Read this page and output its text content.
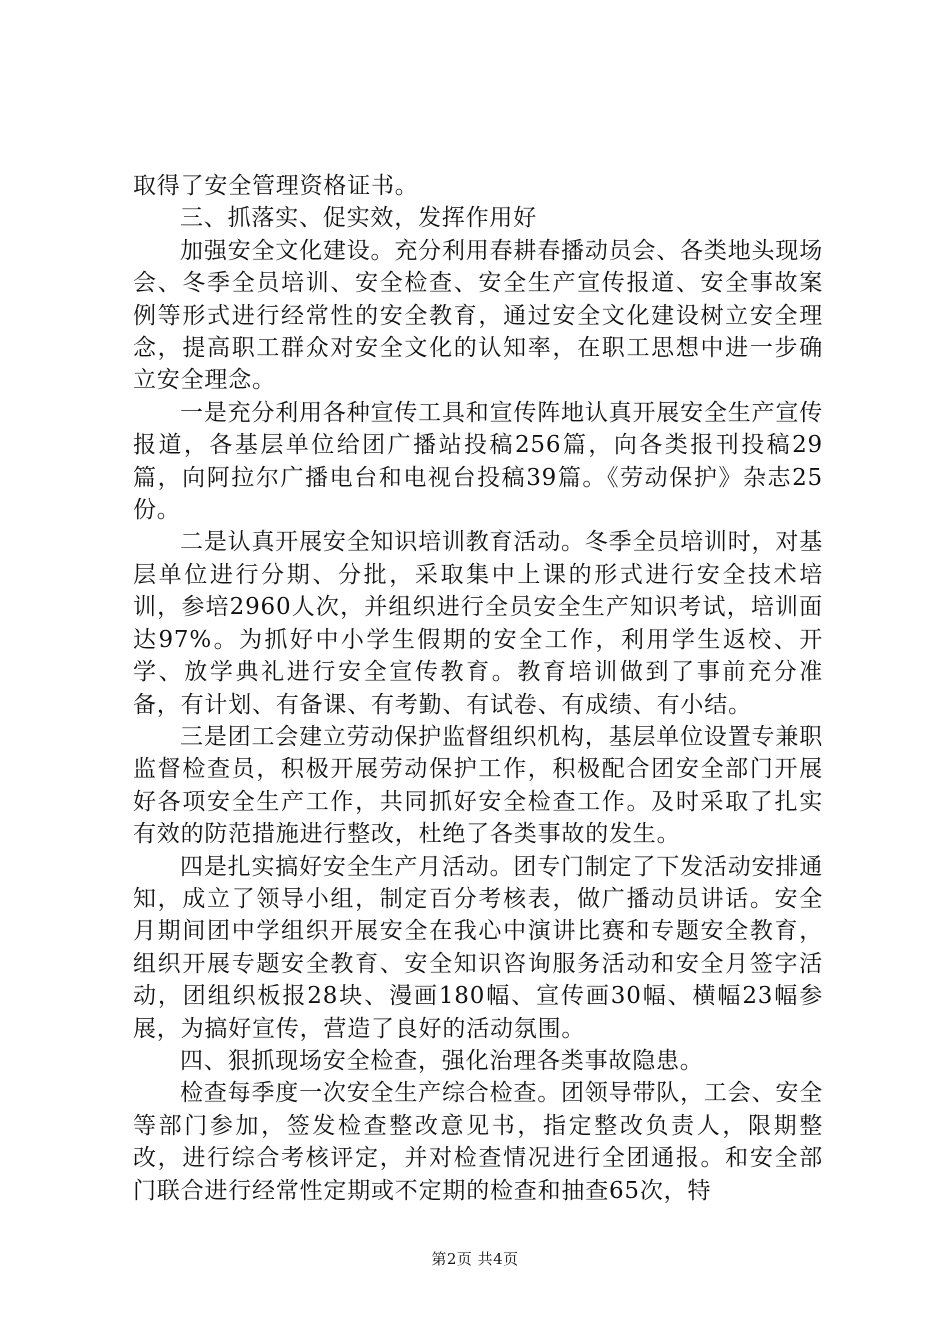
取得了安全管理资格证书。

三、抓落实、促实效，发挥作用好

加强安全文化建设。充分利用春耕春播动员会、各类地头现场会、冬季全员培训、安全检查、安全生产宣传报道、安全事故案例等形式进行经常性的安全教育，通过安全文化建设树立安全理念，提高职工群众对安全文化的认知率，在职工思想中进一步确立安全理念。

一是充分利用各种宣传工具和宣传阵地认真开展安全生产宣传报道，各基层单位给团广播站投稿256篇，向各类报刊投稿29篇，向阿拉尔广播电台和电视台投稿39篇。《劳动保护》杂志25份。

二是认真开展安全知识培训教育活动。冬季全员培训时，对基层单位进行分期、分批，采取集中上课的形式进行安全技术培训，参培2960人次，并组织进行全员安全生产知识考试，培训面达97%。为抓好中小学生假期的安全工作，利用学生返校、开学、放学典礼进行安全宣传教育。教育培训做到了事前充分准备，有计划、有备课、有考勤、有试卷、有成绩、有小结。

三是团工会建立劳动保护监督组织机构，基层单位设置专兼职监督检查员，积极开展劳动保护工作，积极配合团安全部门开展好各项安全生产工作，共同抓好安全检查工作。及时采取了扎实有效的防范措施进行整改，杜绝了各类事故的发生。

四是扎实搞好安全生产月活动。团专门制定了下发活动安排通知，成立了领导小组，制定百分考核表，做广播动员讲话。安全月期间团中学组织开展安全在我心中演讲比赛和专题安全教育，组织开展专题安全教育、安全知识咨询服务活动和安全月签字活动，团组织板报28块、漫画180幅、宣传画30幅、横幅23幅参展，为搞好宣传，营造了良好的活动氛围。

四、狠抓现场安全检查，强化治理各类事故隐患。

检查每季度一次安全生产综合检查。团领导带队，工会、安全等部门参加，签发检查整改意见书，指定整改负责人，限期整改，进行综合考核评定，并对检查情况进行全团通报。和安全部门联合进行经常性定期或不定期的检查和抽查65次，特

第2页 共4页
